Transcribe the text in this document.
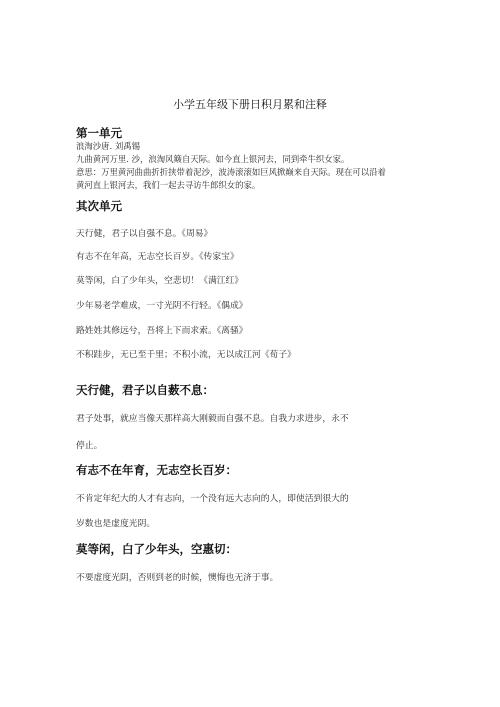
小学五年级下册日积月累和注释
第一单元
浪淘沙唐. 刘禹锡
九曲黄河万里. 沙，浪淘风簸自天际。如今直上银河去，同到牵牛织女家。
意思：万里黄河曲曲折折挟带着泥沙，波涛滚滚如巨风掀巅来自天际。现在可以沿着
黄河直上银河去，我们一起去寻访牛郎织女的家。
其次单元
天行健，君子以自强不息。《周易》
有志不在年高，无志空长百岁。《传家宝》
莫等闲，白了少年头，空悲切！《满江红》
少年易老学难成，一寸光阴不行轻。《偶成》
路姓姓其修远兮，吾将上下而求索。《离骚》
不积跬步，无已至千里；不积小流，无以成江河《荀子》
天行健，君子以自薮不息：
君子处事，就应当像天那样高大刚毅而自强不息。自我力求进步，永不
停止。
有志不在年育，无志空长百岁：
不肯定年纪大的人才有志向，一个没有远大志向的人，即使活到很大的
岁数也是虚度光阴。
莫等闲，白了少年头，空惠切：
不要虚度光阴，否则到老的时候，懊悔也无济于事。
